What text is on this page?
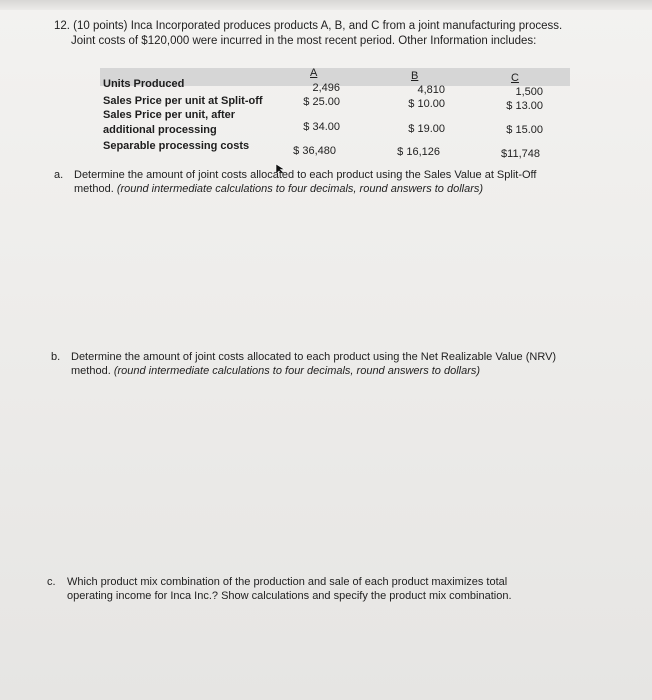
12. (10 points) Inca Incorporated produces products A, B, and C from a joint manufacturing process.
Joint costs of $120,000 were incurred in the most recent period. Other Information includes:
A	B	C
Units Produced	2,496	4,810	1,500
Sales Price per unit at Split-off	$ 25.00	$ 10.00	$ 13.00
Sales Price per unit, after
additional processing	$ 34.00	$ 19.00	$ 15.00
Separable processing costs	$ 36,480	$ 16,126	$11,748
a. Determine the amount of joint costs allocated to each product using the Sales Value at Split-Off
method. (round intermediate calculations to four decimals, round answers to dollars)
b. Determine the amount of joint costs allocated to each product using the Net Realizable Value (NRV)
method. (round intermediate calculations to four decimals, round answers to dollars)
c. Which product mix combination of the production and sale of each product maximizes total
operating income for Inca Inc.? Show calculations and specify the product mix combination.
